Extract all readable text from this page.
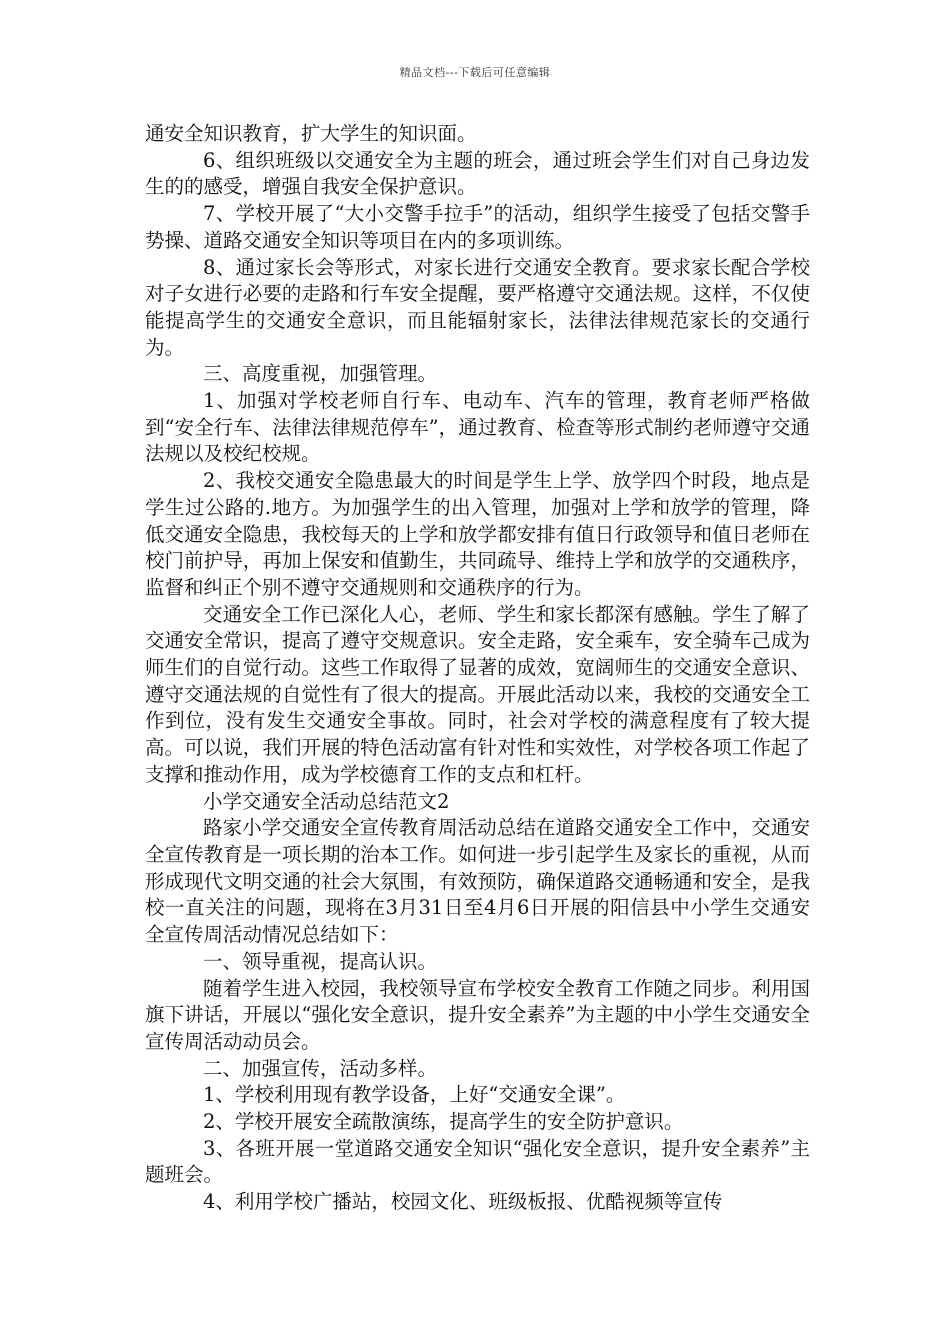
精品文档---下载后可任意编辑

通安全知识教育，扩大学生的知识面。

6、组织班级以交通安全为主题的班会，通过班会学生们对自己身边发生的的感受，增强自我安全保护意识。

7、学校开展了“大小交警手拉手”的活动，组织学生接受了包括交警手势操、道路交通安全知识等项目在内的多项训练。

8、通过家长会等形式，对家长进行交通安全教育。要求家长配合学校对子女进行必要的走路和行车安全提醒，要严格遵守交通法规。这样，不仅使能提高学生的交通安全意识，而且能辐射家长，法律法律规范家长的交通行为。

三、高度重视，加强管理。

1、加强对学校老师自行车、电动车、汽车的管理，教育老师严格做到“安全行车、法律法律规范停车”，通过教育、检查等形式制约老师遵守交通法规以及校纪校规。

2、我校交通安全隐患最大的时间是学生上学、放学四个时段，地点是学生过公路的.地方。为加强学生的出入管理，加强对上学和放学的管理，降低交通安全隐患，我校每天的上学和放学都安排有值日行政领导和值日老师在校门前护导，再加上保安和值勤生，共同疏导、维持上学和放学的交通秩序，监督和纠正个别不遵守交通规则和交通秩序的行为。

交通安全工作已深化人心，老师、学生和家长都深有感触。学生了解了交通安全常识，提高了遵守交规意识。安全走路，安全乘车，安全骑车己成为师生们的自觉行动。这些工作取得了显著的成效，宽阔师生的交通安全意识、遵守交通法规的自觉性有了很大的提高。开展此活动以来，我校的交通安全工作到位，没有发生交通安全事故。同时，社会对学校的满意程度有了较大提高。可以说，我们开展的特色活动富有针对性和实效性，对学校各项工作起了支撑和推动作用，成为学校德育工作的支点和杠杆。

小学交通安全活动总结范文2

路家小学交通安全宣传教育周活动总结在道路交通安全工作中，交通安全宣传教育是一项长期的治本工作。如何进一步引起学生及家长的重视，从而形成现代文明交通的社会大氛围，有效预防，确保道路交通畅通和安全，是我校一直关注的问题，现将在3月31日至4月6日开展的阳信县中小学生交通安全宣传周活动情况总结如下：

一、领导重视，提高认识。

随着学生进入校园，我校领导宣布学校安全教育工作随之同步。利用国旗下讲话，开展以“强化安全意识，提升安全素养”为主题的中小学生交通安全宣传周活动动员会。

二、加强宣传，活动多样。

1、学校利用现有教学设备，上好“交通安全课”。

2、学校开展安全疏散演练，提高学生的安全防护意识。

3、各班开展一堂道路交通安全知识“强化安全意识，提升安全素养”主题班会。

4、利用学校广播站，校园文化、班级板报、优酷视频等宣传
